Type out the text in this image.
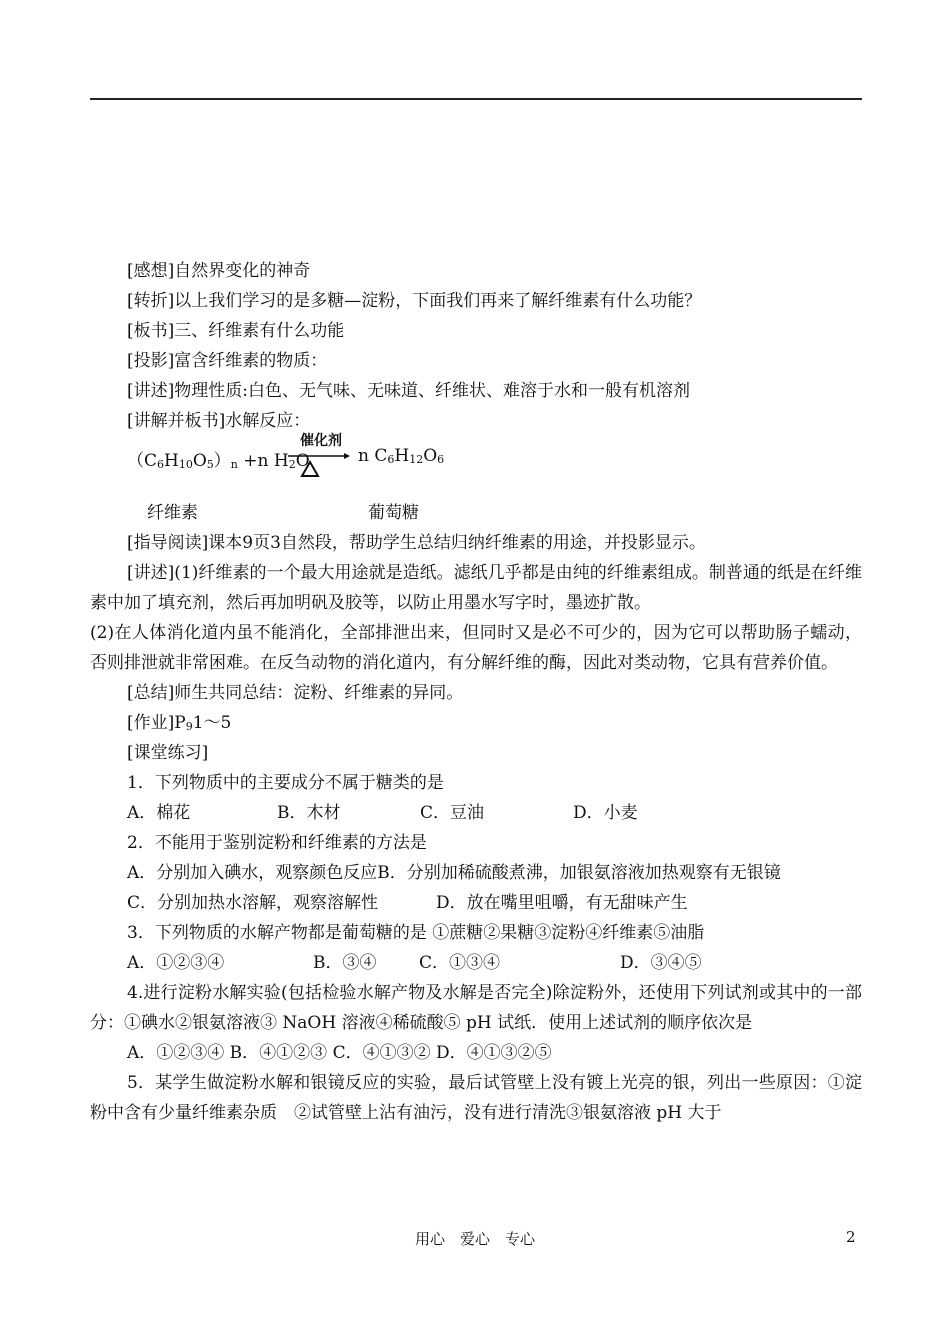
[感想]自然界变化的神奇
[转折]以上我们学习的是多糖—淀粉，下面我们再来了解纤维素有什么功能？
[板书]三、纤维素有什么功能
[投影]富含纤维素的物质：
[讲述]物理性质:白色、无气味、无味道、纤维状、难溶于水和一般有机溶剂
[讲解并板书]水解反应：
$(C_6H_{10}O_5)_n +n$ $H_2O$
催化剂
n $C_6H_{12}O_6$
纤维素	葡萄糖
[指导阅读]课本9页3自然段，帮助学生总结归纳纤维素的用途，并投影显示。
[讲述](1)纤维素的一个最大用途就是造纸。滤纸几乎都是由纯的纤维素组成。制普通的纸是在纤维素中加了填充剂，然后再加明矾及胶等，以防止用墨水写字时，墨迹扩散。
(2)在人体消化道内虽不能消化，全部排泄出来，但同时又是必不可少的，因为它可以帮助肠子蠕动，否则排泄就非常困难。在反刍动物的消化道内，有分解纤维的酶，因此对类动物，它具有营养价值。
[总结]师生共同总结：淀粉、纤维素的异同。
[作业]$P_91\sim 5$
[课堂练习]
1．下列物质中的主要成分不属于糖类的是
A．棉花	B．木材	C．豆油	D．小麦
2．不能用于鉴别淀粉和纤维素的方法是
A．分别加入碘水，观察颜色反应B．分别加稀硫酸煮沸，加银氨溶液加热观察有无银镜
C．分别加热水溶解，观察溶解性	D．放在嘴里咀嚼，有无甜味产生
3．下列物质的水解产物都是葡萄糖的是 ①蔗糖②果糖③淀粉④纤维素⑤油脂
A．①②③④	B．③④	C．①③④	D．③④⑤
4.进行淀粉水解实验(包括检验水解产物及水解是否完全)除淀粉外，还使用下列试剂或其中的一部分：①碘水②银氨溶液③ NaOH 溶液④稀硫酸⑤ pH 试纸．使用上述试剂的顺序依次是
A．①②③④ B．④①②③ C．④①③② D．④①③②⑤
5．某学生做淀粉水解和银镜反应的实验，最后试管壁上没有镀上光亮的银，列出一些原因：①淀粉中含有少量纤维素杂质　②试管壁上沾有油污，没有进行清洗③银氨溶液 pH 大于
用心　爱心　专心	2
